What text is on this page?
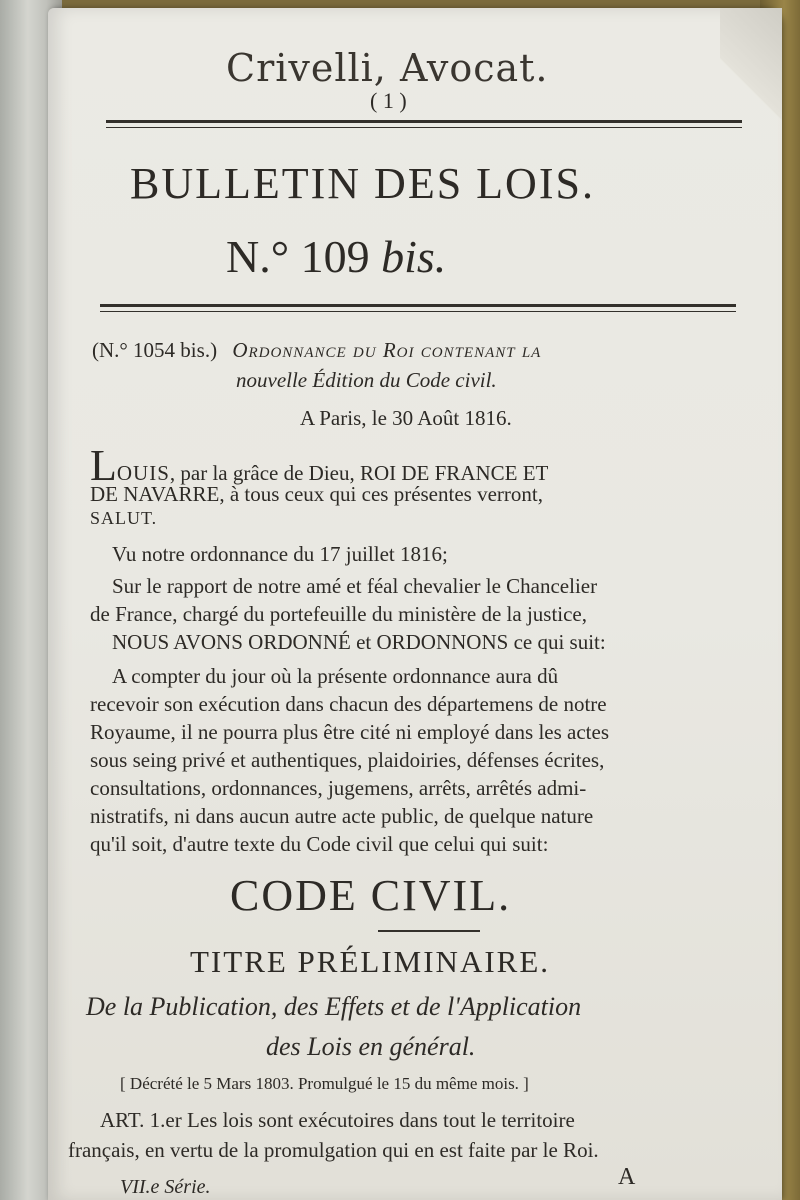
Crivelli, Avocat.
( 1 )
BULLETIN DES LOIS.
N.° 109 bis.
(N.° 1054 bis.) Ordonnance du Roi contenant la
nouvelle Édition du Code civil.
A Paris, le 30 Août 1816.
LOUIS, par la grâce de Dieu, ROI DE FRANCE ET
DE NAVARRE, à tous ceux qui ces présentes verront,
SALUT.
Vu notre ordonnance du 17 juillet 1816;
Sur le rapport de notre amé et féal chevalier le Chancelier
de France, chargé du portefeuille du ministère de la justice,
NOUS AVONS ORDONNÉ et ORDONNONS ce qui suit:
A compter du jour où la présente ordonnance aura dû
recevoir son exécution dans chacun des départemens de notre
Royaume, il ne pourra plus être cité ni employé dans les actes
sous seing privé et authentiques, plaidoiries, défenses écrites,
consultations, ordonnances, jugemens, arrêts, arrêtés admi-
nistratifs, ni dans aucun autre acte public, de quelque nature
qu'il soit, d'autre texte du Code civil que celui qui suit:
CODE CIVIL.
TITRE PRÉLIMINAIRE.
De la Publication, des Effets et de l'Application
des Lois en général.
[ Décrété le 5 Mars 1803. Promulgué le 15 du même mois. ]
ART. 1.er Les lois sont exécutoires dans tout le territoire
français, en vertu de la promulgation qui en est faite par le Roi.
A
VII.e Série.
